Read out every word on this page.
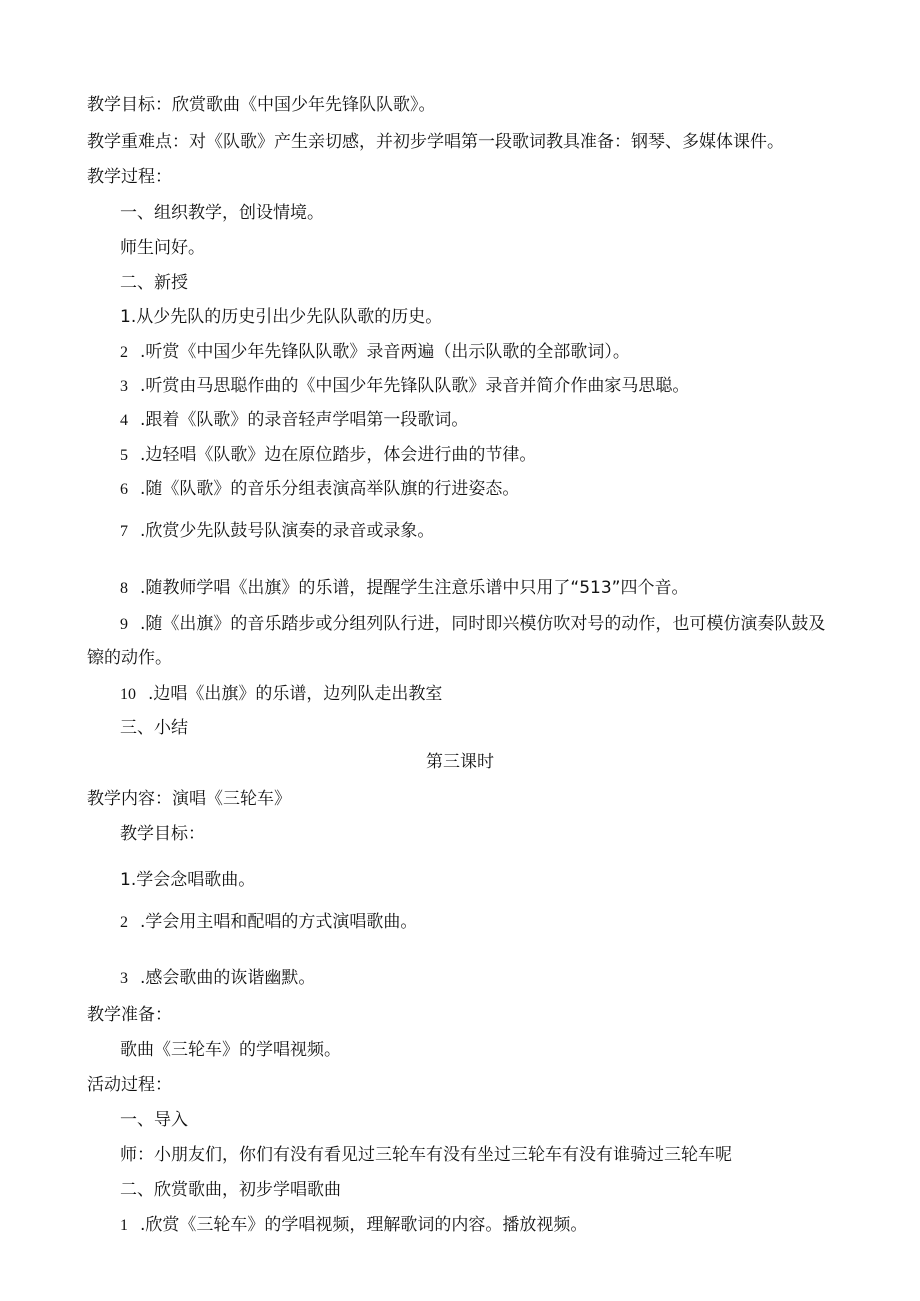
教学目标：欣赏歌曲《中国少年先锋队队歌》。
教学重难点：对《队歌》产生亲切感，并初步学唱第一段歌词教具准备：钢琴、多媒体课件。
教学过程：
一、组织教学，创设情境。
师生问好。
二、新授
1.从少先队的历史引出少先队队歌的历史。
2 .听赏《中国少年先锋队队歌》录音两遍（出示队歌的全部歌词）。
3 .听赏由马思聪作曲的《中国少年先锋队队歌》录音并简介作曲家马思聪。
4 .跟着《队歌》的录音轻声学唱第一段歌词。
5 .边轻唱《队歌》边在原位踏步，体会进行曲的节律。
6 .随《队歌》的音乐分组表演高举队旗的行进姿态。
7 .欣赏少先队鼓号队演奏的录音或录象。
8 .随教师学唱《出旗》的乐谱，提醒学生注意乐谱中只用了“513”四个音。
9 .随《出旗》的音乐踏步或分组列队行进，同时即兴模仿吹对号的动作，也可模仿演奏队鼓及
镲的动作。
10 .边唱《出旗》的乐谱，边列队走出教室
三、小结
第三课时
教学内容：演唱《三轮车》
教学目标：
1.学会念唱歌曲。
2 .学会用主唱和配唱的方式演唱歌曲。
3 .感会歌曲的诙谐幽默。
教学准备：
歌曲《三轮车》的学唱视频。
活动过程：
一、导入
师：小朋友们，你们有没有看见过三轮车有没有坐过三轮车有没有谁骑过三轮车呢
二、欣赏歌曲，初步学唱歌曲
1 .欣赏《三轮车》的学唱视频，理解歌词的内容。播放视频。
